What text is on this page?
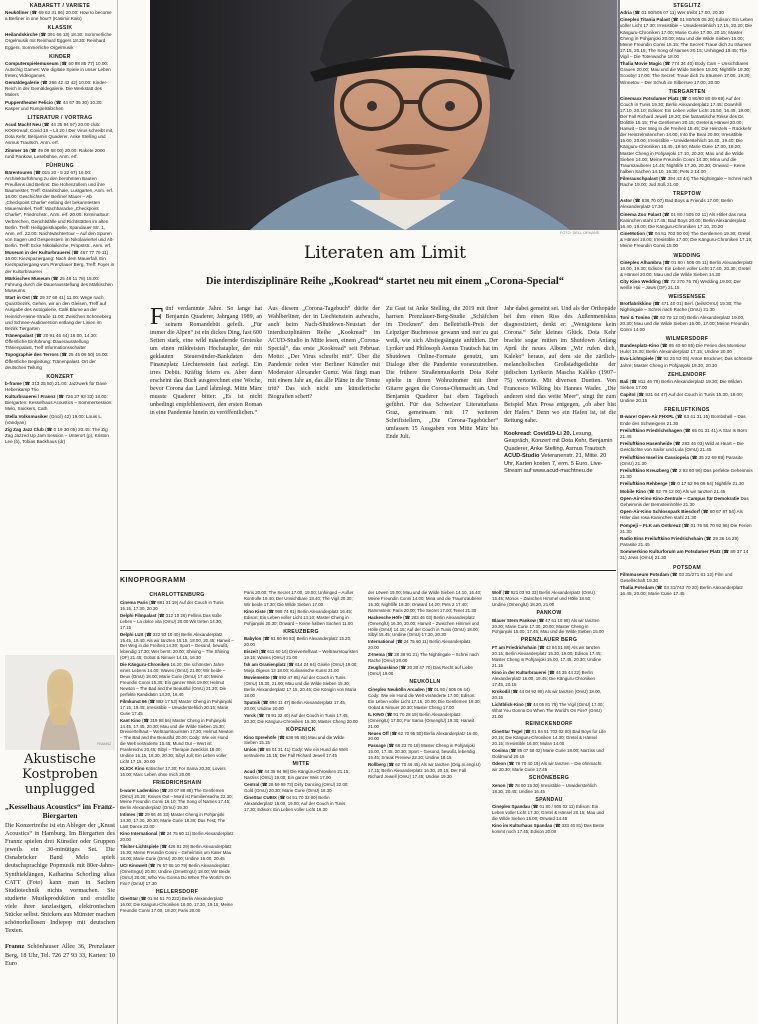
KABARETT / VARIETE

Neuköllner (☎ 69 62 31 86) 20.00: How to become a Berliner in one hour? (Kasimir Kalo)

KLASSIK

Heilandskirche (☎ 391 66 13) 18.30: Sommerliche Orgelmusik mit Reinhard Eggers 18.30: Reinhard Eggers, Sommerliche Orgelmusik

KINDER

Computerspielemuseum (☎ 60 98 85 77) 10.00: Autschig Games: Wie digitale Spiele in unser Leben treten; Videogames

Gemäldegalerie (☎ 266 42 42 42) 10.00: Kinder-Reich in der Gemäldegalerie. Die Werkstatt des Malers

Puppentheater Felicio (☎ 44 67 35 30) 10.30: Kasper und Rumpelstilzchen

LITERATUR / VORTRAG

Acud Macht Neu (☎ 44 35 94 97) 20.00 club: KOOKread: Covid 19 – Lit 20 / Der Virus schreibt mit, Dota Kehr, Benjamin Quaderer, Anke Stelling und Asmus Trautsch. Anm. erf.

Zimmer 16 (☎ 49 09 68 00) 20.00: Rakete 2000 rund Pankow, Lesebühne, Anm. erf.

FÜHRUNG

Bärentouren (☎ 015 20 - 5 22 67) 16.00: Architekturführung zu den berühmten Bauten Preußens und Berlins: Die Hohenzollern und ihre Baumeister, Treff: Granitschale, Lustgarten, Anm. erf. 16.00: Geschichte der Berliner Mauer – Ab „Checkpoint Charlie“ entlang der bekanntesten Mauerwinkel, Treff: Wachbaracke „Checkpoint Charlie“, Friedrichstr., Anm. erf. 20.00: Kriminaltour: Verbrechen, Gerichtsfälle und Richtstätten im alten Berlin. Treff: Heiliggeistkapelle, Spandauer Str. 1, Anm. erf. 22.00: Nachtwächtertour – Auf den Spuren von Sagen und Gespenstern im Nikolaiviertel und Alt-Berlin. Treff: Ecke Nikolaikirche, Propststr., Anm. erf.

Museum in der Kulturbrauerei (☎ 467 77 79 11) 16.00: Kiezspaziergang: Nach dem Mauerfall. Ein Kiezspaziergang vom Prenzlauer Berg, Treff: Foyer in der Kulturbrauerei

Märkisches Museum (☎ 25 46 11 78) 15.00: Führung durch die Dauerausstellung des Märkischen Museums

Start in Ost (☎ 29 37 68 41) 11.00: Wege nach Quarzbezirk, Gehen, wir an den Gleisen, Treff auf Ausgabe des Autogalerie, Café Blume an der Heinrich-Heine-Straße 11.00: Zwischen Schöneberg und Schnee-Audioversion entlang der Linien im Bezirk Tiergarten

Tränenpalast (☎ 20 91 46 44) 16.00, 14.30: Öffentliche Einführung: Dauerausstellung Tränenpalast, Treff Informationsschalter

Topographie des Terrors (☎ 25 45 09 50) 15.00: Öffentliche Begleitung: Tränenpalast. Ort der deutschen Teilung

KONZERT

b-frame (☎ 313 25 50) 21.00: Jazzwerk für Dave Hebenkamp Trio

Kulturbrauerei / Frannz (☎ 726 27 93 33) 18.00: Biergarten: Kesselhaus Acoustics – Sommersession: Melo, Snickers, Cath

Stella Volksmusiker (Oncil) 42) 19.00: Louis L. (Vandyan)

Zig Zag Jazz Club (☎ 0 19 30 05) 20.45: The Zig Zag Jazzed Up Jam Session – Unterort (p), Kriston Lee (b), Tobias Backhaus (dr)

FOTO: DELL ORHANE
Literaten am Limit
Die interdisziplinäre Reihe „Kookread“ startet neu mit einem „Corona-Special“
Fünf verdammte Jahre. So lange hat Benjamin Quaderer, Jahrgang 1989, an seinem Romandebüt gefeilt. „Für immer die Alpen“ ist ein dickes Ding, fast 600 Seiten stark, eine wild mäandernde Groteske um einen mildreisten Hochstapler, der mit geklauten Steuersünder-Bankdaten den Finanzplatz Liechtenstein fast zerlegt. Ein irres Debüt. Kräftig feiern es. Aber dann erscheint das Buch ausgerechnet eine Woche, bevor Corona das Land lahmlegt. Mitte März musste Quaderer bitter: „Es ist nicht unbedingt empfehlenswert, den ersten Roman in eine Pandemie hinein zu veröffentlichen.“
Aus diesem „Corona-Tagebuch“ dürfte der Wahlberliner, der in Liechtenstein aufwuchs, auch beim Nach-Shutdown-Neustart der interdisziplinären Reihe „Kookread“ im ACUD-Studio in Mitte lesen, einem „Corona-Special“, das erste „Kookread“ seit Februar. Motto: „Der Virus schreibt mit“. Über die Pandemie reden vier Berliner Künstler mit Moderator Alexander Gumz. Was fängt man mit einem Jahr an, das alle Pläne in die Tonne tritt? Das sich nicht um künstlerische Biografien schert?
Zu Gast ist Anke Stelling, die 2019 mit ihrer harrsen Prenzlauer-Berg-Studie „Schäfchen im Trocknen“ den Belletristik-Preis der Leipziger Buchmesse gewann und nur zu gut weiß, wie sich Abstiegsängste anfühlen. Der Lyriker und Philosoph Asmus Trautsch hat im Shutdown Online-Formate genutzt, um Dialoge über die Pandemie voranzutreiben. Die frühere Straßenmusikerin Dota Kehr spielte in ihrem Wohnzimmer mit ihrer Gitarre gegen die Corona-Ohnmacht an. Und Benjamin Quaderer hat eben Tagebuch geführt. Für das Schweizer Literaturhaus Graz, gemeinsam mit 17 weiteren Schriftstellern, „Die Corona-Tagebücher“ umfassen 15 Ausgaben von Mitte März bis Ende Juli.
Jahr dabei gemeint sei. Und als der Orthopäde bei ihm einen Riss des Außenmeniskus diagnostiziert, denkt er: „Wenigstens kein Corona.“ Sehr kleines Glück. Dota Kehr brachte sogar mitten im Shutdown Anfang April ihr neues Album „Wir rufen dich, Kaleko“ heraus, auf dem sie die zärtlich-melancholischen Großstadtgedichte der jüdischen Lyrikerin Mascha Kaléko (1907–75) vertonte. Mit diversen Duetten. Von Francesco Wilking bis Hannes Wader. „Die anderen sind das weite Meer“, singt ihr zum Beispiel Max Prosa entgegen, „ob aber bist der Hafen.“ Denn wo ein Hafen ist, ist die Rettung nahe.

Kookread: Covid19-Li 20. Lesung, Gespräch, Konzert mit Dota Kehr, Benjamin Quaderer, Anke Stelling, Asmus Trautsch
ACUD-Studio Veteranenstr. 21, Mitte. 20 Uhr, Karten kosten 7, erm. 5 Euro. Live-Stream auf www.acud-machtneu.de

KINOPROGRAMM
CHARLOTTENBURG

Cinema Paris (☎ 881 31 19) Auf der Couch in Tunis 15.15, 17.30, 20.30

Delphi Filmpalast (☎ 312 10 26) Fellinis Das süße Leben – La dolce vita (OmU) 20.00 Wir treten 14.30, 17.15

Delphi LUX (☎ 322 93 10 40) Berlin Alexanderplatz 15.45, 19.40; Als wir tanzten 15.15, 18.00, 20.45; Hanwit – Der Weg in die Freiheit 14.30; Sport – Gesund, bewußt, lebendig 17.30; Wer bernt: 20.00; Shining – The Shining (OF) 21.45; Gobat & Nimuer 14.15, 16.30

Die Känguru-Chroniken 16.20; Die schönsten Jahre eines Lebens 14.00; Waves (OmU) 21.00; Wir beide – Deux (OmU) 18.00; Marie Curie (OmU) 17.40; Meine Freundin Conni 15.30; Ein ganzer Weit 19.00; Helmut Newton – The Bad and the Beautiful (OmU) 21.20; Die perfekte Kandidatin 14.20, 16.40

Filmkunst 66 (☎ 882 17 53) Master Cheng in Pohjanjoki 17.15, 19.45; Irresistible – Unwiderstehlich 20.15; Marie Curie 17.45

Kant Kino (☎ 319 98 66) Master Cheng in Pohjanjoki 14.45, 17.45, 20.30; Mau und die Wilde Sieben 15.30; Dreiviertelhaut – Weltraumtouristen 17.30; Helmut Newton – The Bad and the Beautiful 20.00; Cody: Wie ein Hund die Welt veränderte 15.45; Mund Out – Wert ist Frankreichs 20.45; Sibyl – Therapie zwecklos 18.00; Undine 16.15, 18.30, 20.30; Sibyl Juli; Ein Leben voller Licht 17.15, 20.00

KLICK Kino Kritischer 17.30; For Sama 20.30; Lovers 15.00; Marc Leben ohne mich 20.00

FRIEDRICHSHAIN

b-ware! Ladenkino (☎ 20 07 88 88) The Gentlemen (OmU) 20.20; Knives Out – Mord ist Familiensache 22.30; Meine Freundin Conni 16.10; The Song of Names 17.45; Berlin Alexanderplatz (OmU) 19.30

Intimes (☎ 29 66 46 33) Master Cheng in Pohjanjoki 14.30, 17.30, 20.30; Marie Curie 18.30; Das Fest; The Last Dance 22.00

Kino International (☎ 24 75 60 11) Berlin Alexanderplatz 20.00

Tilsiter-Lichtspiele (☎ 426 81 29) Berlin Alexanderplatz 15.30; Meine Freundin Conni – Geheimnis um Kater Mau 18.00; Marie Curie (OmU) 20.00; Undine 16.00, 20.45

UCI Kinowelt (☎ 76 57 86 10 79) Berlin Alexanderplatz (OmeEngU) 20.00; Undine (OmeEngU) 18.00; Wir Beide (OmU) 20.00; Who You Gonna Do When The World's On Fire? (OmU) 17.30

HELLERSDORF

CineStar (☎ 01 84 51 70 222) Berlin Alexanderplatz 16.00; Die Känguru-Chroniken 16.00, 17.30, 19.15; Meine Freundin Conni 17.00, 19.20; Paris 20.00

Paris 20.00; The Secret 17.00, 19.00; Unhinged – Außer Kontrolle 19.40; Der Unsichtbare 18.40; The Vigil 20.30; Wir beide 17.30; Die Wilde Sieben 17.00

Kino Kiste (☎ 998 74 81) Berlin Alexanderplatz 16.45; Edison; Ein Leben voller Licht 13.10; Master Cheng in Pohjanjoki 20.30; Onward – Keine halben Sachen 11.00

KREUZBERG

Babylon (☎ 61 60 96 93) Berlin Alexanderplatz 15.20, 20.00

Eiszeit (☎ 611 60 16) Dreiviertelhaut – Weltraumtouristen 19.15; Waves (OmU) 21.00

fsk am Oranienplatz (☎ 614 24 64) Gisèle (OmU) 19.00; Mieja Oigeus 13 18.00; Kulinarische Kunst 21.00

Moviemento (☎ 692 47 85) Auf der Couch in Tunis (OmU) 15.30, 21.00; Mau und die Wilde Sieben 15.30; Berlin Alexanderplatz 17.15, 20.45; Die Königin von Maria 18.00

Sputnik (☎ 694 11 47) Berlin Alexanderplatz 17.45, 20.00; Undine 20.00

Yorck (☎ 78 91 32 40) Auf der Couch in Tunis 17.45, 20.30; Die Känguru-Chroniken 15.30; Master Cheng 20.00

KÖPENICK

Kino Spreehöfe (☎ 638 95 80) Mau und die Wilde Sieben 15.15

Union (☎ 65 01 31 41) Cody: Wie ein Hund die Welt veränderte 15.15; Der Fall Richard Jewell 17.45

MITTE

Acud (☎ 44 35 94 98) Die Känguru-Chroniken 21.15; Narziss (OmU) 19.00; Ein ganzer Weit 17.00

Central (☎ 28 59 99 73) Dirty Dancing (OmU) 22.00; Gold (OmU) 20.30; Marie Curie (OmU) 18.30

CineStar CUBIX (☎ 04 51 70 32 00) Berlin Alexanderplatz 15.00, 19.00; Auf der Couch in Tunis 17.30; Edison: Ein Leben voller Licht 16.30

der Löwen 15.00; Mau und die Wilde Sieben 14.10, 16.40; Meine Freundin Conni 14.00; Mina und die Traumzauberer 15.30; Nightlife 19.30; Onward 14.20; Pets 2 17.40; Rammstein: Paris 20.00; The Secret 17.00; Tenet 21.30

Hackesche Höfe (☎ 283 46 03) Berlin Alexanderplatz (OmenglU) 16.30, 20.00; Hanwit – Zwischen Himmel und Hölle (OmU) 14.15; Auf der Couch in Tunis (OmU) 18.00; Sibyl 15.45; Undine (OmU) 17.30, 20.30

International (☎ 24 75 60 11) Berlin Alexanderplatz 20.00

Z-Inema (☎ 28 38 91 21) The Nightingale – Schrei nach Rache (OmU) 20.00

Zeughauskino (☎ 20 30 47 70) Das Recht auf Liebe (OmU) 19.00

NEUKÖLLN

Cineplex Neukölln Arcaden (☎ 01 80 / 505 06 44) Cody: Wie ein Hund die Welt veränderte 17.00; Edison: Ein Leben voller Licht 17.15, 20.00; Die Gentlemen 18.30; Gobat & Nimuer 20.30; Master Cheng 17.00

IL KINO (☎ 91 70 28 19) Berlin Alexanderplatz (OmenglU) 17.00; For Sama (OmenglU) 19.30; Hanwit 21.00

Neues Off (☎ 62 70 95 50) Berlin Alexanderplatz 16.00, 20.00

Passage (☎ 68 23 70 18) Master Cheng in Pohjanjoki 15.00, 17.45, 20.30; Sport – Gesund, bewußt, lebendig 15.45; Sneak Preview 22.30; Undine 18.15

Rollberg (☎ 62 70 46 45) Als wir tanzten (Orig.m.engl.U) 17.15; Berlin Alexanderplatz 16.30, 20.15; Der Fall Richard Jewell (OmU) 17.45; Undine 19.30

Wolf (☎ 921 03 93 33) Berlin Alexanderplatz (OmU) 15.45; Monos – Zwischen Himmel und Hölle 18.50; Undine (OmenglU) 18.20, 21.00

PANKOW

Blauer Stern Pankow (☎ 47 61 18 98) Als wir tanzten 20.30; Marie Curie 17.30, 20.00; Master Cheng in Pohjanjoki 15.00, 17.45; Mau und die Wilde Sieben 15.00

PRENZLAUER BERG

FT am Friedrichshain (☎ 42 84 51 88) Als wir tanzten 20.15; Berlin Alexanderplatz 15.30, 19.00; Edison 17.45; Master Cheng in Pohjanjoki 15.00, 17.45, 20.30; Undine 21.15

Kino in der Kulturbrauerei (☎ 44 35 44 22) Berlin Alexanderplatz 16.00, 19.45; Die Känguru-Chroniken 17.45, 20.15

Krokodil (☎ 44 04 92 98) Als wir tanzten (OmU) 18.00, 20.15

Lichtblick-Kino (☎ 44 05 81 79) The Vigil (OmU) 17.00; What You Gonna Do When The World's On Fire? (OmU) 21.00

REINICKENDORF

CineStar Tegel (☎ 01 84 51 703 02 00) Bad Boys for Life 20.15; Die Känguru-Chroniken 14.30; Gretel & Hänsel 20.15; Irresistible 16.00; Mulan 14.00

Cosima (☎ 85 07 58 02) Marie Curie 18.00; Narziss und Goldmund 20.15

Odeon (☎ 78 70 40 19) Als wir tanzten – Die ohnmacht wir 20.30; Marie Curie 17.45

SCHÖNEBERG

Xenon (☎ 78 00 15 30) Irresistible – Unwiderstehlich 18.30, 20.45; Undine 16.45

SPANDAU

Cineplex Spandau (☎ 01 80 / 505 02 11) Edison: Ein Leben voller Licht 17.30; Gretel & Hänsel 20.15; Mau und die Wilde Sieben 15.00; Onward 14.45

Kino im Kulturhaus Spandau (☎ 333 40 81) Das Beste kommt noch 17.45; Edison 20.00

FRANNZ
Akustische Kostproben unplugged
„Kesselhaus Acoustics“ im Franz-Biergarten

Die Konzertreihe ist ein Ableger der „Knust Acoustics“ in Hamburg. Im Biergarten des Frannz spielen drei Künstler oder Gruppen jeweils ein 30-minütiges Set. Die Osnabrücker Band Melo spielt deutschsprachige Popmusik mit 80er-Jahre-Synthieklängen, Katharina Schorling alias CATT (Foto) kann man in Sachen Studiotechnik nichts vormachen. Sie studierte Musikproduktion und erstellte viele ihrer tanzlastigen, elektronischen Stücke selbst. Snickers aus Münster machen schönorkellosen Indiepop mit deutschen Texten.

Frannz Schönhauser Allee 36, Prenzlauer Berg, 18 Uhr, Tel. 726 27 93 33, Karten: 10 Euro

STEGLITZ

Adria (☎ 01 80/505 07 11) Wer treibt 17.00, 20.30

Cineplex Titania Palast (☎ 01 80/505 05 20) Edison: Ein Leben voller Licht 17.30; Irresistible – Unwiderstehlich 17.15, 20.20; Die Känguru-Chroniken 17.00; Marie Curie 17.00, 20.15; Master Cheng in Pohjanjoki 20.00; Mau und die Wilde Sieben 15.00; Meine Freundin Conni 15.15; The Secret: Traue dich zu träumen 17.15, 20.15; The Song of Names 20.15; Unhinged 19.45; The Vigil – Die Totenwache 18.00

Thalia Movie Magic (☎ 774 34 40) Body Cam – Unsichtbares Grauen 20.00; Mau und die Wilde Sieben 15.00; Nightlife 19.30; Scooby! 17.00; The Secret: Traue dich zu träumen 17.00, 19.30; Winnetou – Der Schuh im Silbersee 17.00, 20.00

TIERGARTEN

Cinemaxx Potsdamer Platz (☎ 0 80/80 80 69 69) Auf der Couch in Tunis 19.30; Berlin Alexanderplatz 17.45; Downhill 17.10, 20.10; Edison: Ein Leben voller Licht 15.50, 16.45, 19.00; Der Fall Richard Jewell 18.20; Die fantastische Reise des Dr. Dolittle 15.15; The Gentlemen 20.15; Gretel & Hänsel 20.00; Hanwit – Der Weg in die Freiheit 18.45; Die Heinzels – Rückkehr der Heinzelmännchen 14.00; Into the Beat 20.00; Irresistible 15.00, 20.00; Irresistible – Unwiderstehlich 16.40, 19.40; Die Känguru-Chroniken 16.45, 19.50; Marie Curie 17.00, 18.20; Master Cheng in Pohjanjoki 17.10, 20.20; Mau und die Wilde Sieben 14.00; Meine Freundin Conni 14.30; Mina und die Traumzauberer 14.45; Nightlife 17.20, 20.30; Onward – Keine halben Sachen 14.10, 16.30; Pets 2 14.00

Filmrauschpalast (☎ 394 43 44) The Nightingale – Schrei nach Rache 19.00; Jud Süß 21.00

TREPTOW

Astor (☎ 636 70 07) Bad Boys & Friends 17.00; Berlin Alexanderplatz 17.30

Cinema Zoo Palast (☎ 01 80 / 505 02 11) Als Hitler das rosa Kaninchen stahl 17.45; Bad Boys 20.00; Berlin Alexanderplatz 16.40, 19.00; Die Känguru-Chroniken 17.10, 20.20

CineMotion (☎ 04 51 703 50 00) The Gentlemen 19.30; Gretel & Hänsel 19.00; Irresistible 17.00; Die Känguru-Chroniken 17.15; Meine Freundin Conni 15.00

WEDDING

Cineplex Alhambra (☎ 01 80 / 505 05 11) Berlin Alexanderplatz 16.00, 19.30; Edison: Ein Leben voller Licht 17.40, 20.30; Gretel & Hänsel 20.00; Mau und die Wilde Sieben 14.30

City Kino Wedding (☎ 72 270 76 76) Wedding 19.00; Der weiße Hai – Jaws (OF) 21.15

WEISSENSEE

Brotfabrikkino (☎ 471 40 01) Berl. (teils/OmU) 19.30; The Nightingale – Schrei nach Rache (OmU) 21.30

Toni & Tonino (☎ 92 79 12 00) Berlin Alexanderplatz 19.00, 20.30; Mau und die Wilde Sieben 15.00, 17.00; Meine Freundin Conni 14.00

WILMERSDORF

Bundesplatz-Kino (☎ 85 40 60 85) Die Ferien des Monsieur Hulot 19.30; Berlin Alexanderplatz 17.15; Undine 20.00

Eva-Lichtspiele (☎ 92 25 53 05) Anton Brückner; Das schönste Jahre; Master Cheng in Pohjanjoki 19.30, 20.30

ZEHLENDORF

Bali (☎ 811 46 78) Berlin Alexanderplatz 19.30; Die Wilden Sieben 17.00

Capitol (☎ 831 64 47) Auf der Couch in Tunis 15.30, 18.00; Undine 20.15

FREILUFTKINOS

B-ware! Open-Air FHXPL (☎ 63 41 31 15) Bombshell – Das Ende des Schweigens 21.30

Freiluftkino Friedrichshagen (☎ 65 01 31 41) A Star Is Born 21.45

Freiluftkino Hasenheide (☎ 283 46 03) Wild at Heart – Die Geschichte von Sailor und Lula (OmU) 21.45

Freiluftkino Insel im Cassiopeia (☎ 35 22 69 89) Parasite (OmU) 21.30

Freiluftkino Kreuzberg (☎ 2 93 60 96) Das perfekte Geheimnis 21.30

Freiluftkino Rehberge (☎ 0 17 52 96 09 54) Nightlife 21.30

Mobile Kino (☎ 92 79 12 00) Als wir tanzten 21.45

Open-Air-Kino Kino-Zentrale – Campus für Demokratie Das Geheimnis der Bernsteinhöhle 21.30

Open-Air-Kino Schlosspark Biesdorf (☎ 60 67 87 54) Als Hitler das rosa Kaninchen stahl 21.30

Pompeji – FLK am Ostkreuz (☎ 01 76 56 70 92 96) Die Ferien 21.30

Radio Eins Freiluftkino Friedrichshain (☎ 29 36 16 29) Parasite 21.45

Sommerkino Kulturforum am Potsdamer Platz (☎ 89 37 14 31) Jews (OmU) 21.30

POTSDAM

Filmmuseum Potsdam (☎ 03 31/271 81 12) Film und Gesellschaft 19.30

Thalia Potsdam (☎ 03 31/743 70 20) Berlin Alexanderplatz 16.45, 20.00; Marie Curie 17.45
